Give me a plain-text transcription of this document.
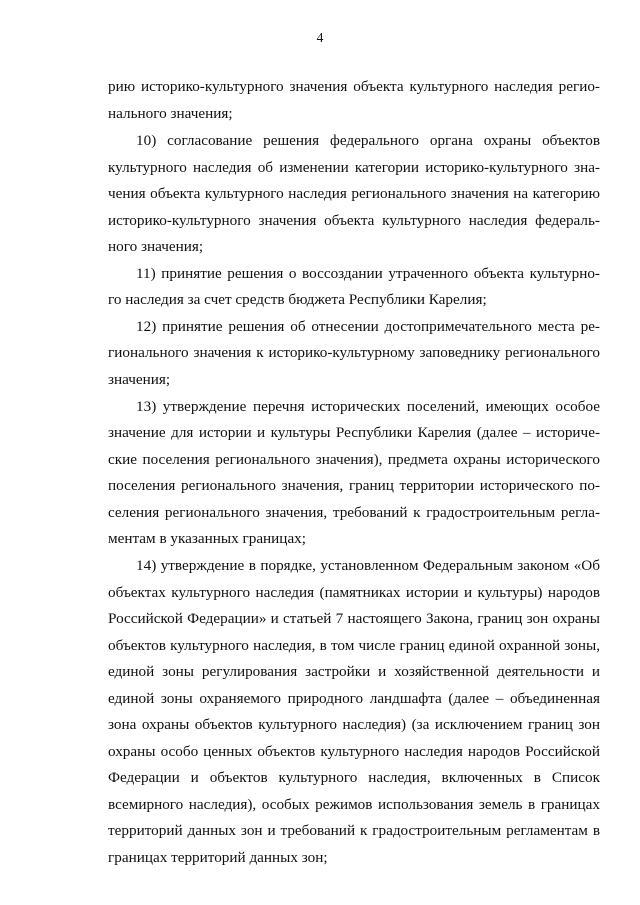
4
рию историко-культурного значения объекта культурного наследия регио-
нального значения;
10) согласование решения федерального органа охраны объектов
культурного наследия об изменении категории историко-культурного зна-
чения объекта культурного наследия регионального значения на категорию
историко-культурного значения объекта культурного наследия федераль-
ного значения;
11) принятие решения о воссоздании утраченного объекта культурно-
го наследия за счет средств бюджета Республики Карелия;
12) принятие решения об отнесении достопримечательного места ре-
гионального значения к историко-культурному заповеднику регионального
значения;
13) утверждение перечня исторических поселений, имеющих особое
значение для истории и культуры Республики Карелия (далее – историче-
ские поселения регионального значения), предмета охраны исторического
поселения регионального значения, границ территории исторического по-
селения регионального значения, требований к градостроительным регла-
ментам в указанных границах;
14) утверждение в порядке, установленном Федеральным законом «Об
объектах культурного наследия (памятниках истории и культуры) народов
Российской Федерации» и статьей 7 настоящего Закона, границ зон охраны
объектов культурного наследия, в том числе границ единой охранной зоны,
единой зоны регулирования застройки и хозяйственной деятельности и
единой зоны охраняемого природного ландшафта (далее – объединенная
зона охраны объектов культурного наследия) (за исключением границ зон
охраны особо ценных объектов культурного наследия народов Российской
Федерации и объектов культурного наследия, включенных в Список
всемирного наследия), особых режимов использования земель в границах
территорий данных зон и требований к градостроительным регламентам в
границах территорий данных зон;
